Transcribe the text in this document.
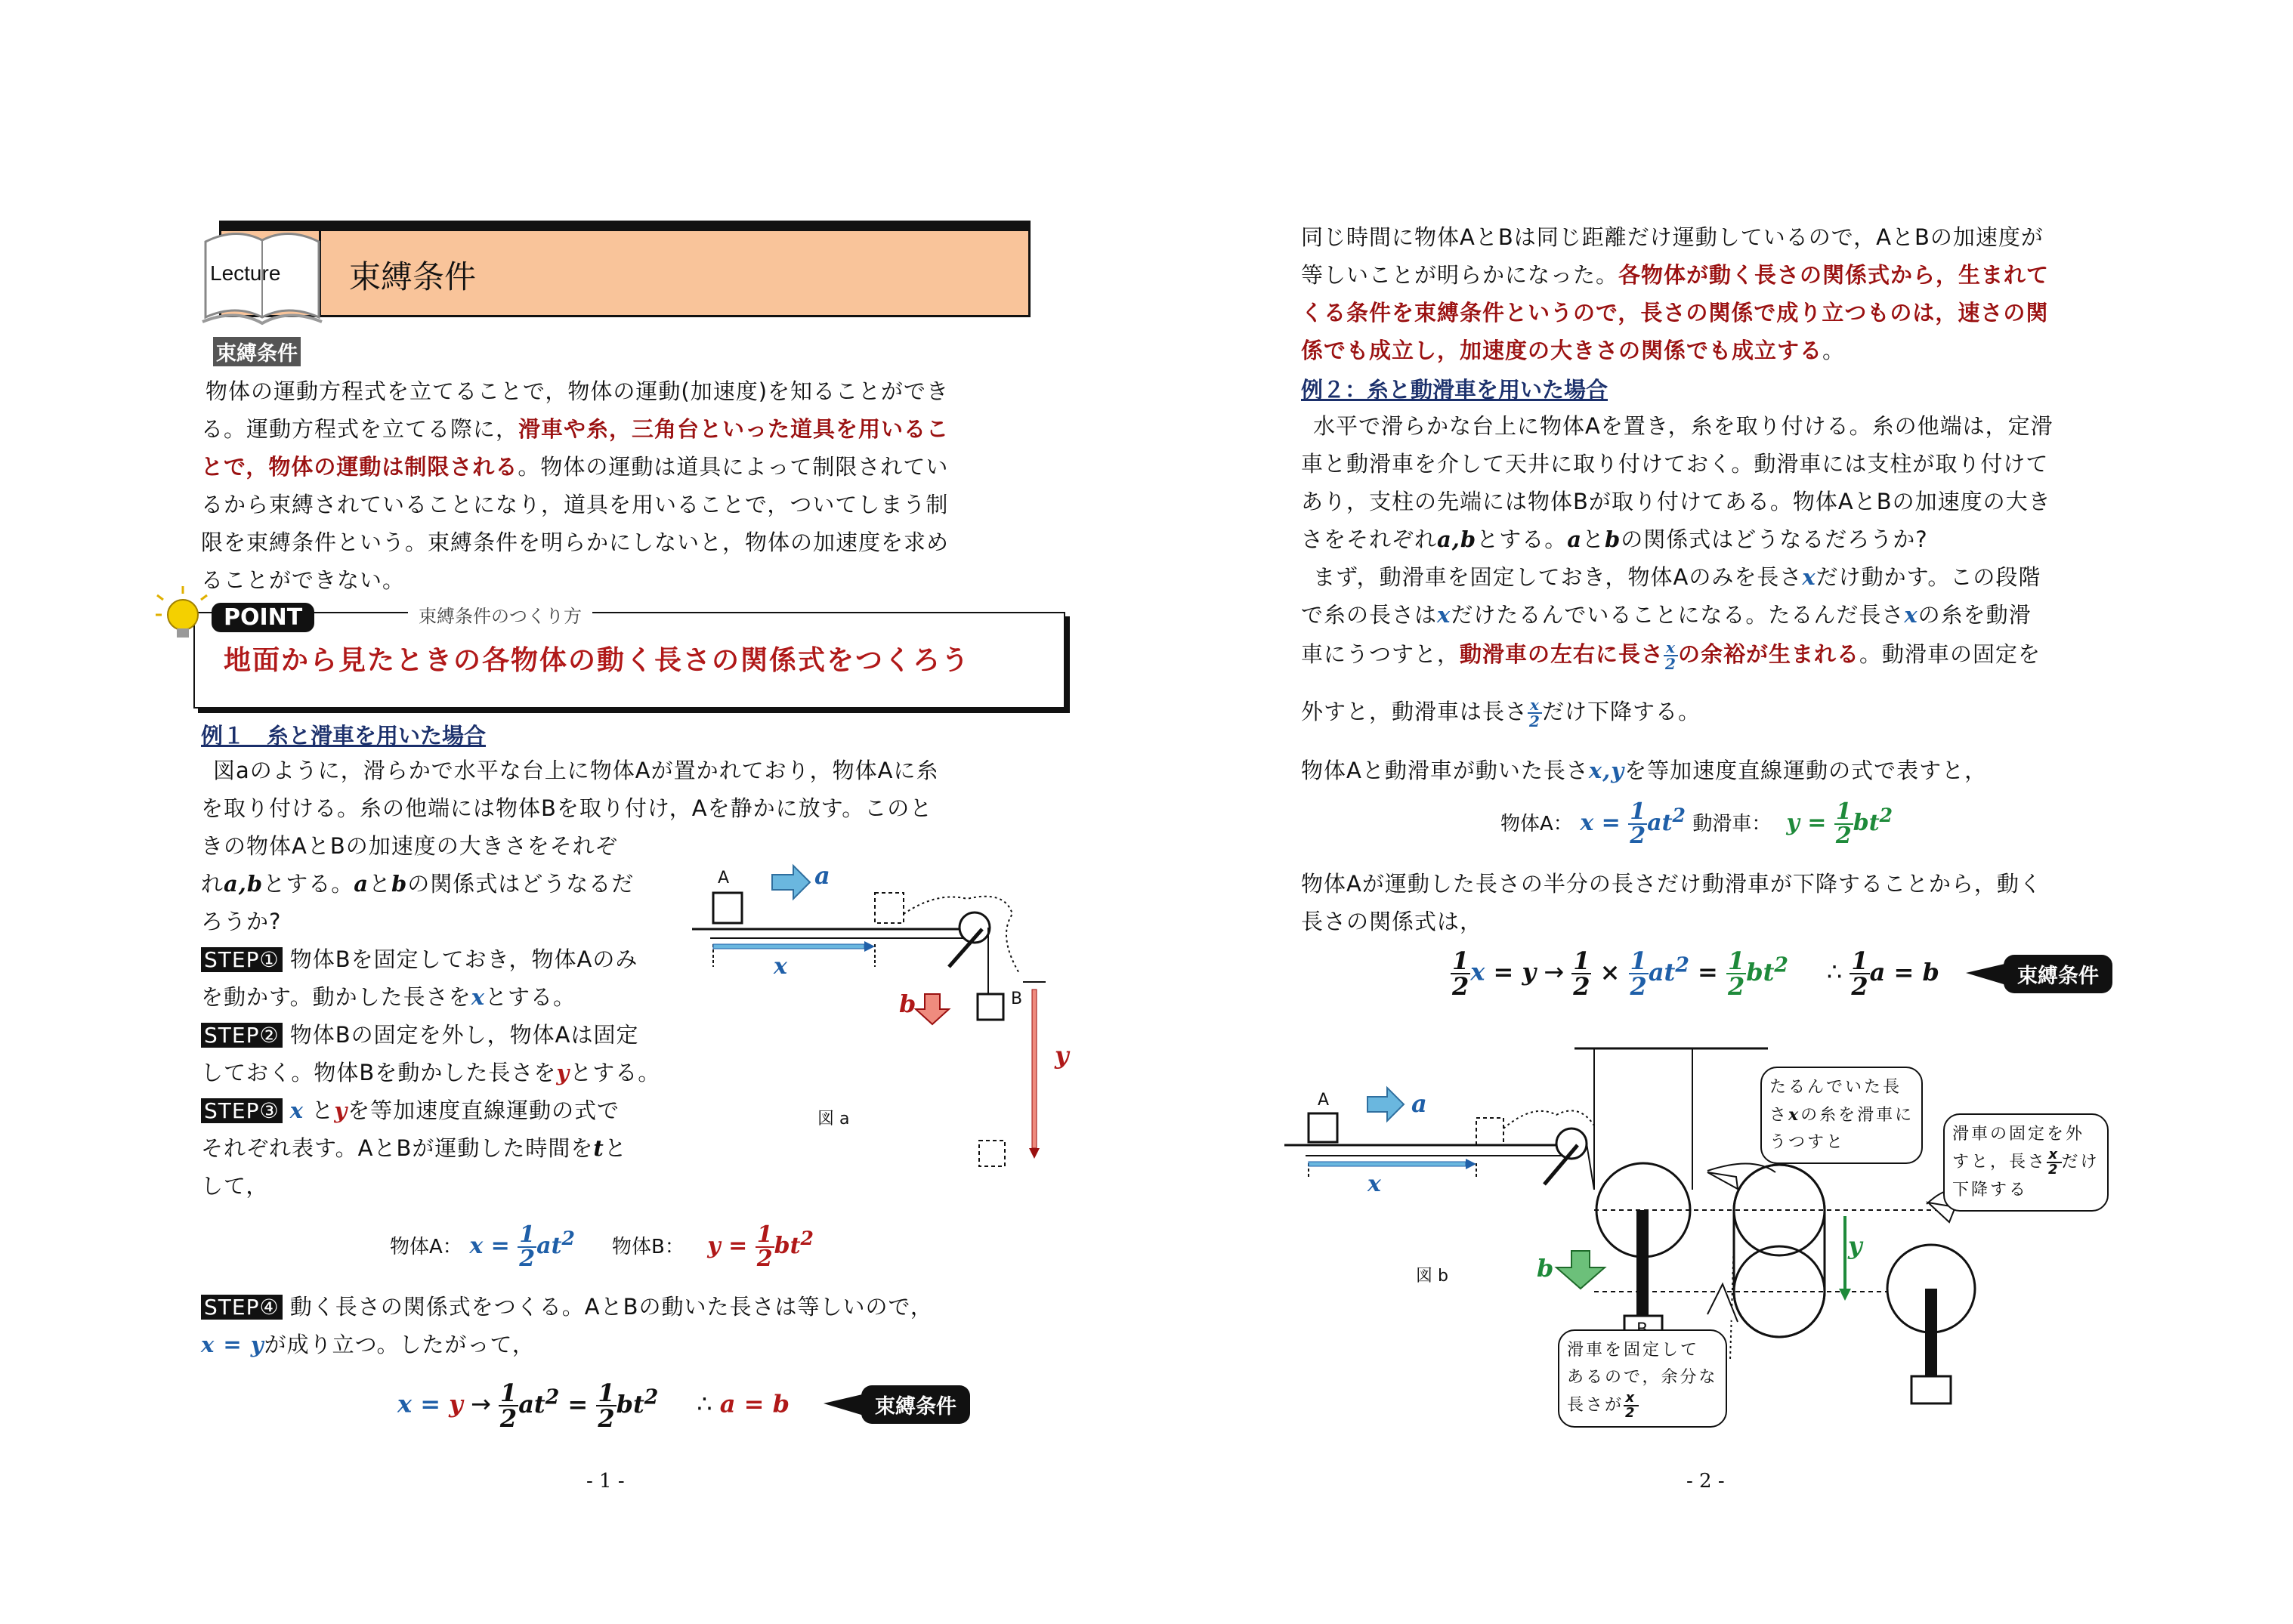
Lecture 束縛条件
束縛条件
物体の運動方程式を立てることで，物体の運動(加速度)を知ることができ
る。運動方程式を立てる際に，滑車や糸，三角台といった道具を用いるこ
とで，物体の運動は制限される。物体の運動は道具によって制限されてい
るから束縛されていることになり，道具を用いることで，ついてしまう制
限を束縛条件という。束縛条件を明らかにしないと，物体の加速度を求め
ることができない。
POINT	束縛条件のつくり方
地面から見たときの各物体の動く長さの関係式をつくろう
例１　糸と滑車を用いた場合
図aのように，滑らかで水平な台上に物体Aが置かれており，物体Aに糸
を取り付ける。糸の他端には物体Bを取り付け，Aを静かに放す。このと
きの物体AとBの加速度の大きさをそれぞ
れa,bとする。aとbの関係式はどうなるだ
ろうか?
STEP① 物体Bを固定しておき，物体Aのみ
を動かす。動かした長さをxとする。
STEP② 物体Bの固定を外し，物体Aは固定
しておく。物体Bを動かした長さをyとする。
STEP③ x とyを等加速度直線運動の式で
それぞれ表す。AとBが運動した時間をtと
して，
物体A： $x = \frac{1}{2} at^2$ 物体B：   $y = \frac{1}{2} bt^2$
STEP④ 動く長さの関係式をつくる。AとBの動いた長さは等しいので，
x = yが成り立つ。したがって，
$x = y \to \frac{1}{2} at^2 = \frac{1}{2} bt^2$     ∴ a = b	束縛条件
A
B
a
b
x
y
図 a
- 1 -
同じ時間に物体AとBは同じ距離だけ運動しているので，AとBの加速度が
等しいことが明らかになった。各物体が動く長さの関係式から，生まれて
くる条件を束縛条件というので，長さの関係で成り立つものは，速さの関
係でも成立し，加速度の大きさの関係でも成立する。
例２：糸と動滑車を用いた場合
水平で滑らかな台上に物体Aを置き，糸を取り付ける。糸の他端は，定滑
車と動滑車を介して天井に取り付けておく。動滑車には支柱が取り付けて
あり，支柱の先端には物体Bが取り付けてある。物体AとBの加速度の大き
さをそれぞれa,bとする。aとbの関係式はどうなるだろうか?
まず，動滑車を固定しておき，物体Aのみを長さxだけ動かす。この段階
で糸の長さはxだけたるんでいることになる。たるんだ長さxの糸を動滑
車にうつすと，動滑車の左右に長さ $\frac{x}{2}$ の余裕が生まれる。動滑車の固定を
外すと，動滑車は長さ $\frac{x}{2}$ だけ下降する。
物体Aと動滑車が動いた長さx,yを等加速度直線運動の式で表すと，
物体A： $x = \frac{1}{2} at^2$ 動滑車：  $y = \frac{1}{2} bt^2$
物体Aが運動した長さの半分の長さだけ動滑車が下降することから，動く
長さの関係式は，
$\frac{1}{2}$ $x = y \to \frac{1}{2} \times \frac{1}{2} at^2 = \frac{1}{2} bt^2$     ∴ $\frac{1}{2}$ a = b	束縛条件
A	a
x
b
y
図 b
たるんでいた長
さxの糸を滑車に
うつすと	滑車の固定を外
すと，長さ $\frac{x}{2}$ だけ
下降する
滑車を固定して
あるので，余分な
長さが $\frac{x}{2}$
- 2 -
